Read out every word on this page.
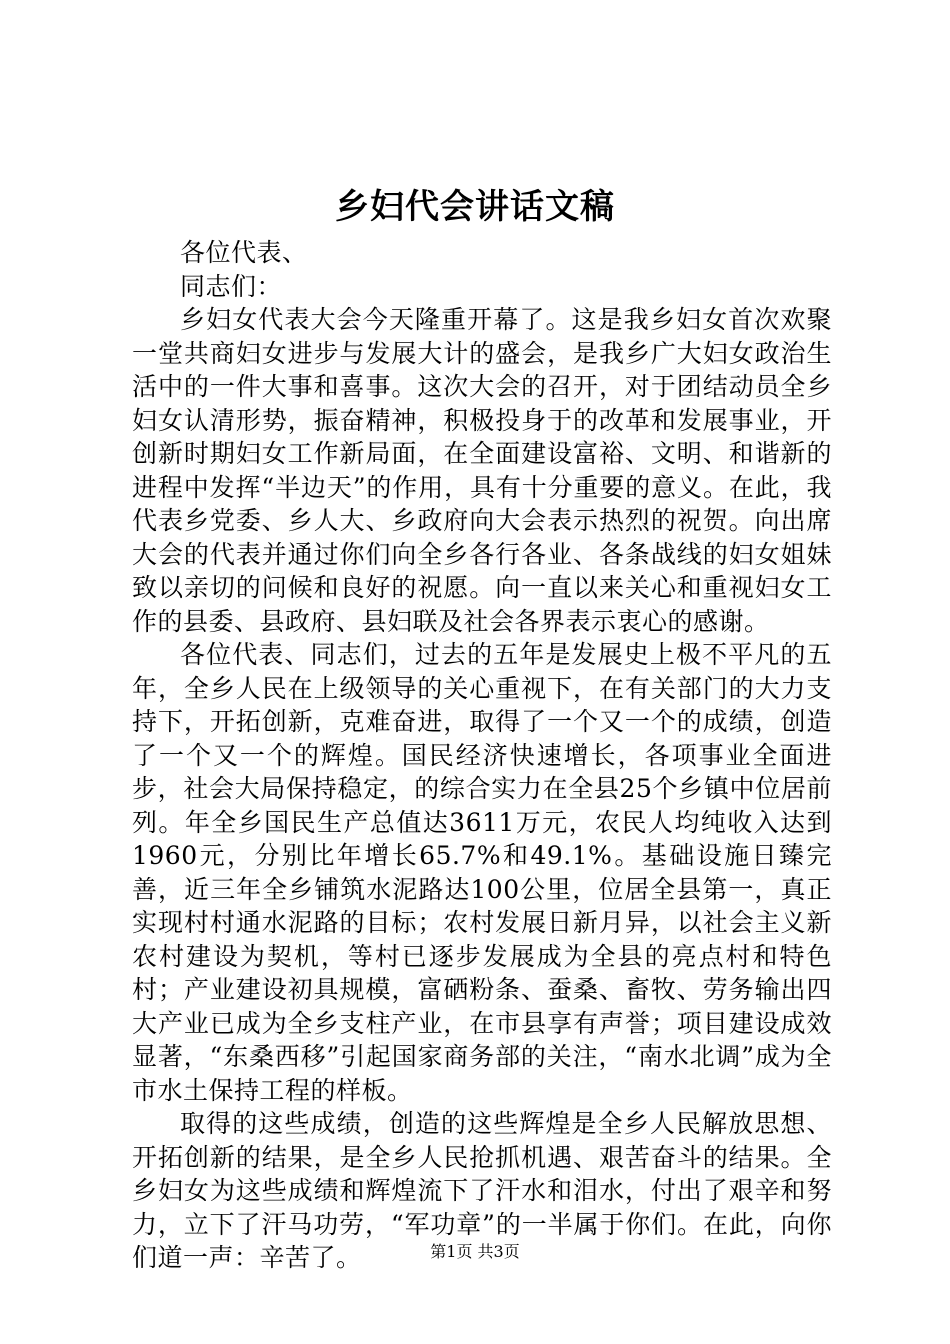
乡妇代会讲话文稿

各位代表、

同志们：

乡妇女代表大会今天隆重开幕了。这是我乡妇女首次欢聚一堂共商妇女进步与发展大计的盛会，是我乡广大妇女政治生活中的一件大事和喜事。这次大会的召开，对于团结动员全乡妇女认清形势，振奋精神，积极投身于的改革和发展事业，开创新时期妇女工作新局面，在全面建设富裕、文明、和谐新的进程中发挥“半边天”的作用，具有十分重要的意义。在此，我代表乡党委、乡人大、乡政府向大会表示热烈的祝贺。向出席大会的代表并通过你们向全乡各行各业、各条战线的妇女姐妹致以亲切的问候和良好的祝愿。向一直以来关心和重视妇女工作的县委、县政府、县妇联及社会各界表示衷心的感谢。

各位代表、同志们，过去的五年是发展史上极不平凡的五年，全乡人民在上级领导的关心重视下，在有关部门的大力支持下，开拓创新，克难奋进，取得了一个又一个的成绩，创造了一个又一个的辉煌。国民经济快速增长，各项事业全面进步，社会大局保持稳定，的综合实力在全县25个乡镇中位居前列。年全乡国民生产总值达3611万元，农民人均纯收入达到1960元，分别比年增长65.7%和49.1%。基础设施日臻完善，近三年全乡铺筑水泥路达100公里，位居全县第一，真正实现村村通水泥路的目标；农村发展日新月异，以社会主义新农村建设为契机，等村已逐步发展成为全县的亮点村和特色村；产业建设初具规模，富硒粉条、蚕桑、畜牧、劳务输出四大产业已成为全乡支柱产业，在市县享有声誉；项目建设成效显著，“东桑西移”引起国家商务部的关注，“南水北调”成为全市水土保持工程的样板。

取得的这些成绩，创造的这些辉煌是全乡人民解放思想、开拓创新的结果，是全乡人民抢抓机遇、艰苦奋斗的结果。全乡妇女为这些成绩和辉煌流下了汗水和泪水，付出了艰辛和努力，立下了汗马功劳，“军功章”的一半属于你们。在此，向你们道一声：辛苦了。	第1页 共3页
